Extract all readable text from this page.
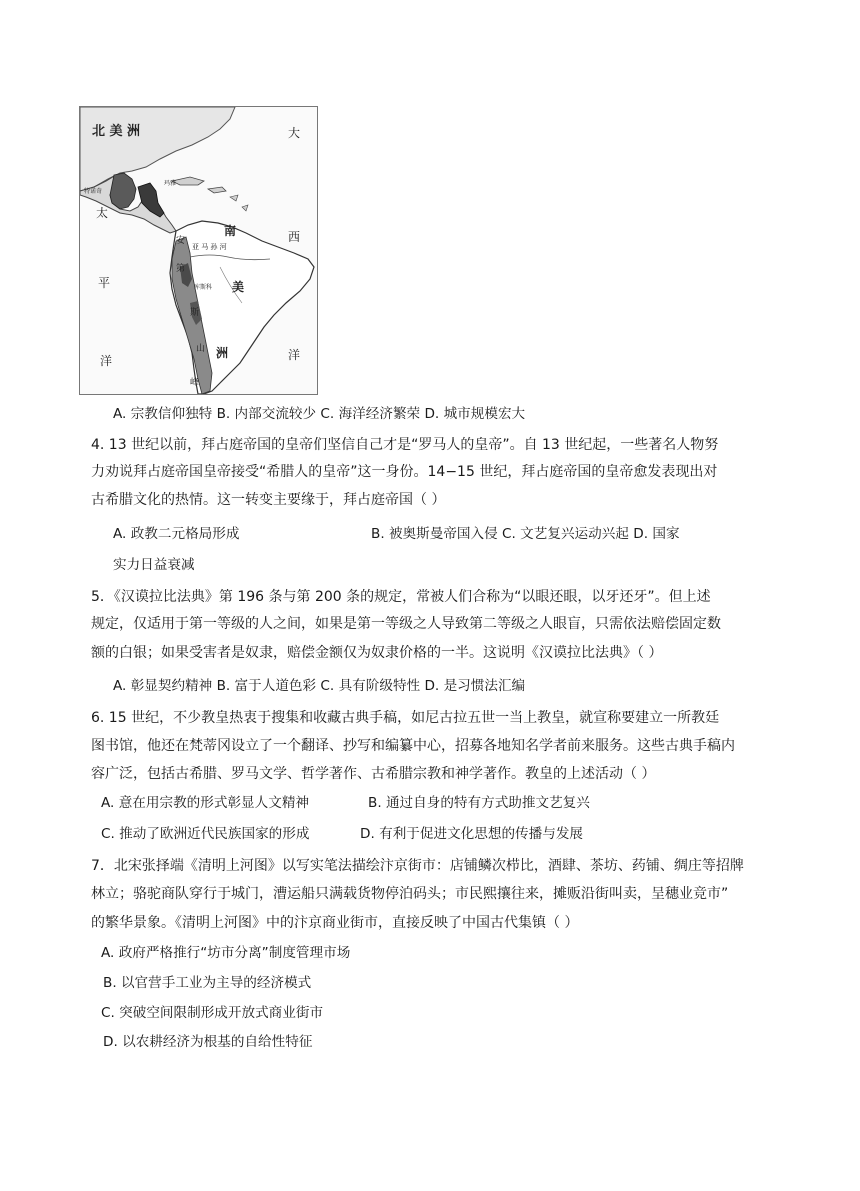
北 美 洲	大
西
洋
太
平
洋
南
美
洲
山
峰
特诺奇
玛雅
亚 马 孙 河
安
第
斯
库斯科
A. 宗教信仰独特 B. 内部交流较少 C. 海洋经济繁荣 D. 城市规模宏大
4. 13 世纪以前，拜占庭帝国的皇帝们坚信自己才是“罗马人的皇帝”。自 13 世纪起，一些著名人物努
力劝说拜占庭帝国皇帝接受“希腊人的皇帝”这一身份。14−15 世纪，拜占庭帝国的皇帝愈发表现出对
古希腊文化的热情。这一转变主要缘于，拜占庭帝国（ ）
A. 政教二元格局形成	B. 被奥斯曼帝国入侵 C. 文艺复兴运动兴起 D. 国家
实力日益衰减
5．《汉谟拉比法典》第 196 条与第 200 条的规定，常被人们合称为“以眼还眼，以牙还牙”。但上述
规定，仅适用于第一等级的人之间，如果是第一等级之人导致第二等级之人眼盲，只需依法赔偿固定数
额的白银；如果受害者是奴隶，赔偿金额仅为奴隶价格的一半。这说明《汉谟拉比法典》（ ）
A. 彰显契约精神 B. 富于人道色彩 C. 具有阶级特性 D. 是习惯法汇编
6. 15 世纪，不少教皇热衷于搜集和收藏古典手稿，如尼古拉五世一当上教皇，就宣称要建立一所教廷
图书馆，他还在梵蒂冈设立了一个翻译、抄写和编纂中心，招募各地知名学者前来服务。这些古典手稿内
容广泛，包括古希腊、罗马文学、哲学著作、古希腊宗教和神学著作。教皇的上述活动（ ）
A. 意在用宗教的形式彰显人文精神	B. 通过自身的特有方式助推文艺复兴
C. 推动了欧洲近代民族国家的形成	D. 有利于促进文化思想的传播与发展
7．北宋张择端《清明上河图》以写实笔法描绘汴京街市：店铺鳞次栉比，酒肆、茶坊、药铺、绸庄等招牌
林立；骆驼商队穿行于城门，漕运船只满载货物停泊码头；市民熙攘往来，摊贩沿街叫卖，呈穗业竞市”
的繁华景象。《清明上河图》中的汴京商业街市，直接反映了中国古代集镇（ ）
A. 政府严格推行“坊市分离”制度管理市场
B. 以官营手工业为主导的经济模式
C. 突破空间限制形成开放式商业街市
D. 以农耕经济为根基的自给性特征
